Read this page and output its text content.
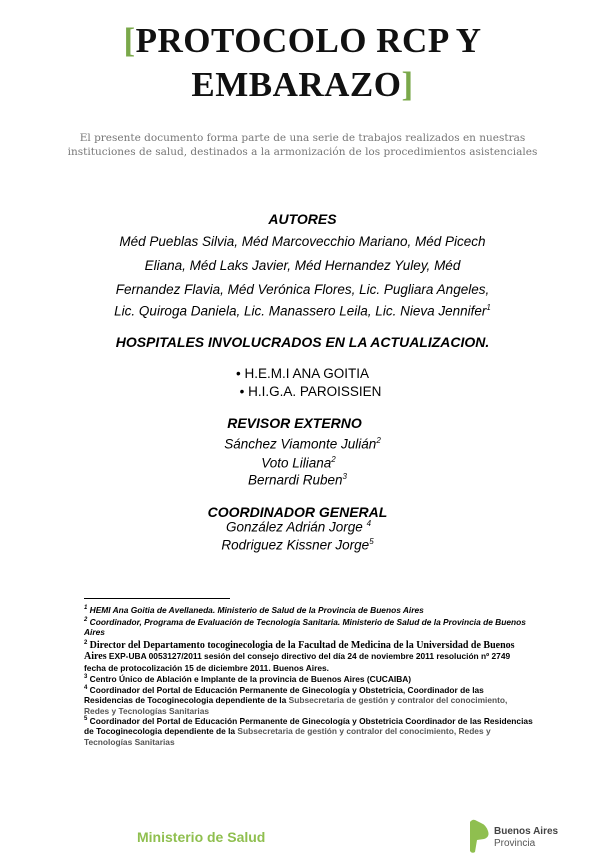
[PROTOCOLO RCP Y
EMBARAZO]
El presente documento forma parte de una serie de trabajos realizados en nuestras
instituciones de salud, destinados a la armonización de los procedimientos asistenciales
AUTORES
Méd Pueblas Silvia, Méd Marcovecchio Mariano, Méd Picech
Eliana, Méd Laks Javier, Méd Hernandez Yuley, Méd
Fernandez Flavia, Méd Verónica Flores, Lic. Pugliara Angeles,
Lic. Quiroga Daniela, Lic. Manassero Leila, Lic. Nieva Jennifer$^1$
HOSPITALES INVOLUCRADOS EN LA ACTUALIZACION.
• H.E.M.I ANA GOITIA
• H.I.G.A. PAROISSIEN
REVISOR EXTERNO
Sánchez Viamonte Julián$^2$
Voto Liliana$^2$
Bernardi Ruben$^3$
COORDINADOR GENERAL
González Adrián Jorge $^4$
Rodriguez Kissner Jorge$^5$
$^1$ HEMI Ana Goitia de Avellaneda. Ministerio de Salud de la Provincia de Buenos Aires
$^2$ Coordinador, Programa de Evaluación de Tecnología Sanitaria. Ministerio de Salud de la Provincia de Buenos Aires
$^2$ Director del Departamento tocoginecologia de la Facultad de Medicina de la Universidad de Buenos Aires EXP-UBA 0053127/2011 sesión del consejo directivo del día 24 de noviembre 2011 resolución nº 2749 fecha de protocolización 15 de diciembre 2011. Buenos Aires.
$^3$ Centro Único de Ablación e Implante de la provincia de Buenos Aires (CUCAIBA)
$^4$ Coordinador del Portal de Educación Permanente de Ginecología y Obstetricia, Coordinador de las Residencias de Tocoginecologia dependiente de la Subsecretaria de gestión y contralor del conocimiento, Redes y Tecnologías Sanitarias
$^5$ Coordinador del Portal de Educación Permanente de Ginecología y Obstetricia Coordinador de las Residencias de Tocoginecologia dependiente de la Subsecretaria de gestión y contralor del conocimiento, Redes y Tecnologías Sanitarias
Ministerio de Salud	Buenos Aires
Provincia
